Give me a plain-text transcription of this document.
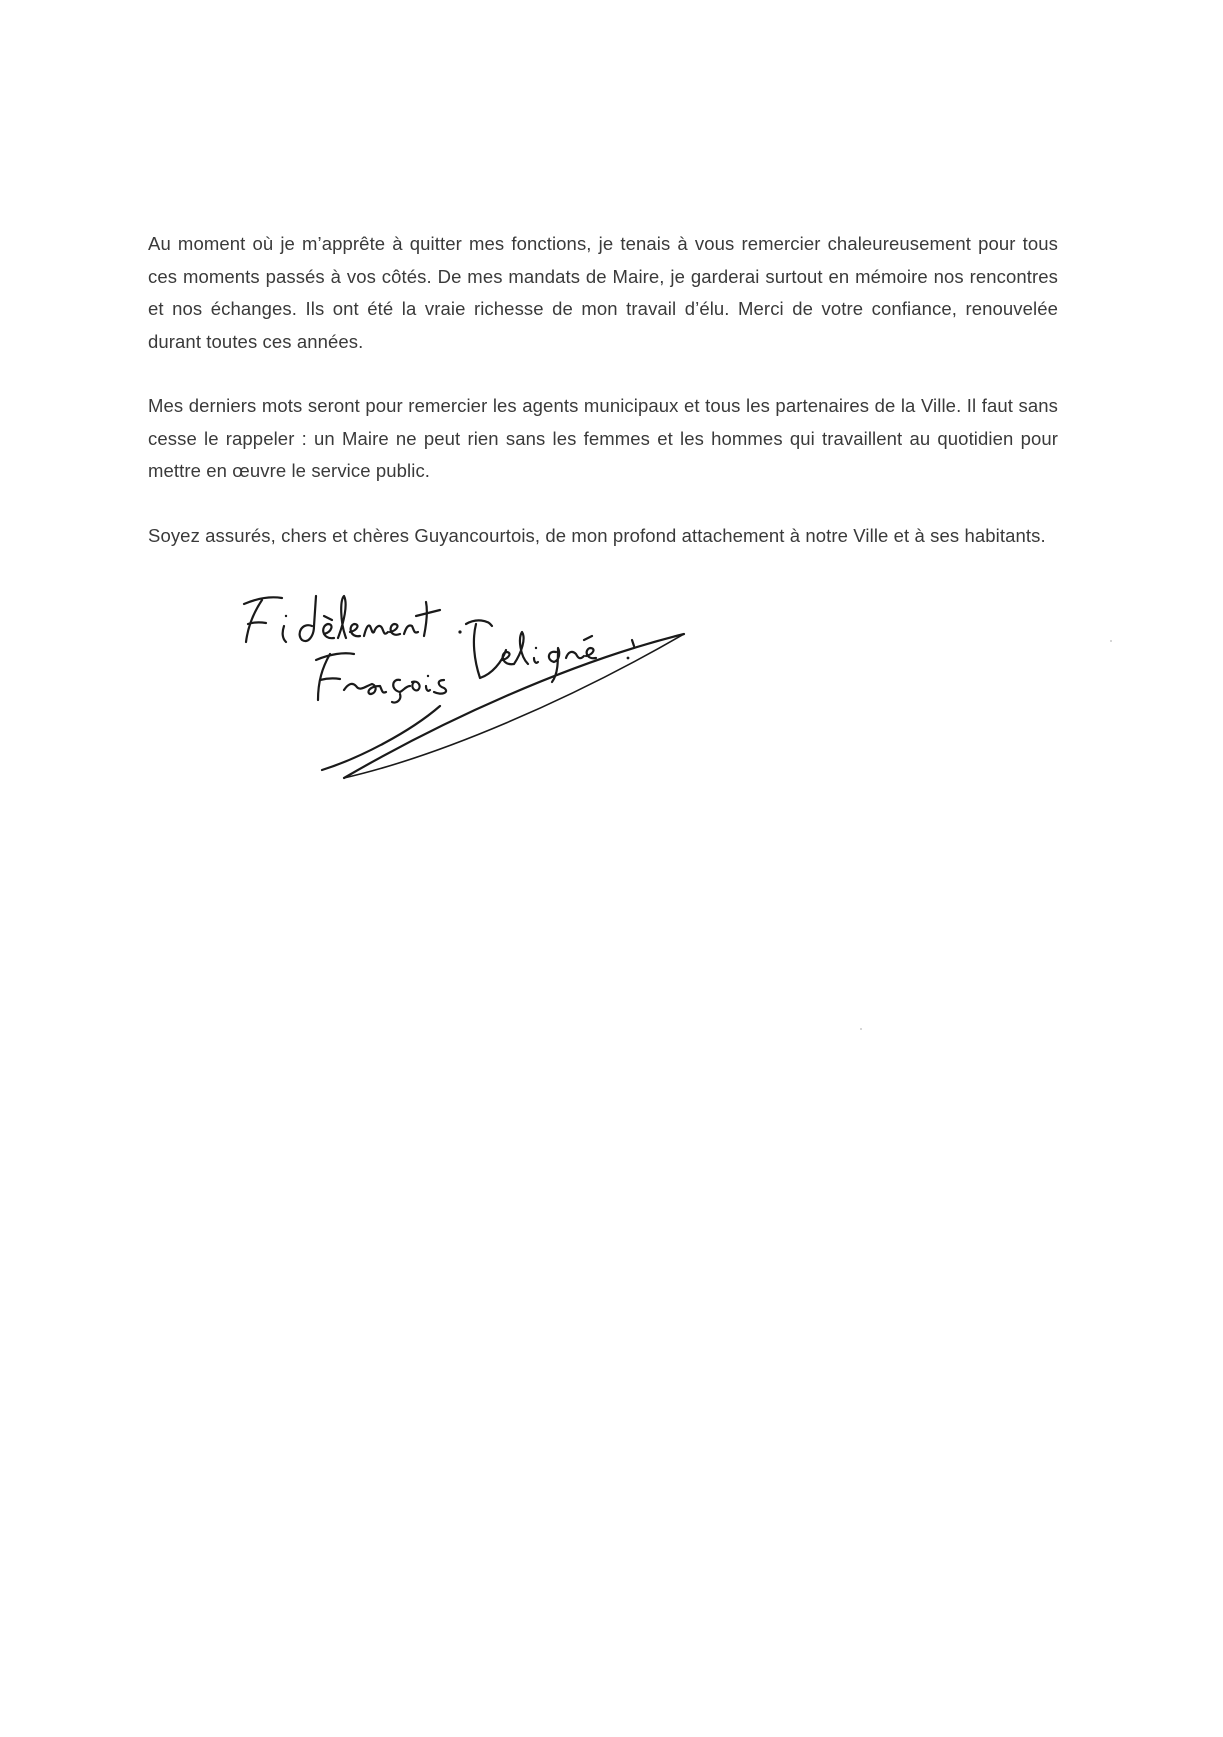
Au moment où je m’apprête à quitter mes fonctions, je tenais à vous remercier chaleureusement pour tous ces moments passés à vos côtés. De mes mandats de Maire, je garderai surtout en mémoire nos rencontres et nos échanges. Ils ont été la vraie richesse de mon travail d’élu. Merci de votre confiance, renouvelée durant toutes ces années.

Mes derniers mots seront pour remercier les agents municipaux et tous les partenaires de la Ville. Il faut sans cesse le rappeler : un Maire ne peut rien sans les femmes et les hommes qui travaillent au quotidien pour mettre en œuvre le service public.

Soyez assurés, chers et chères Guyancourtois, de mon profond attachement à notre Ville et à ses habitants.
